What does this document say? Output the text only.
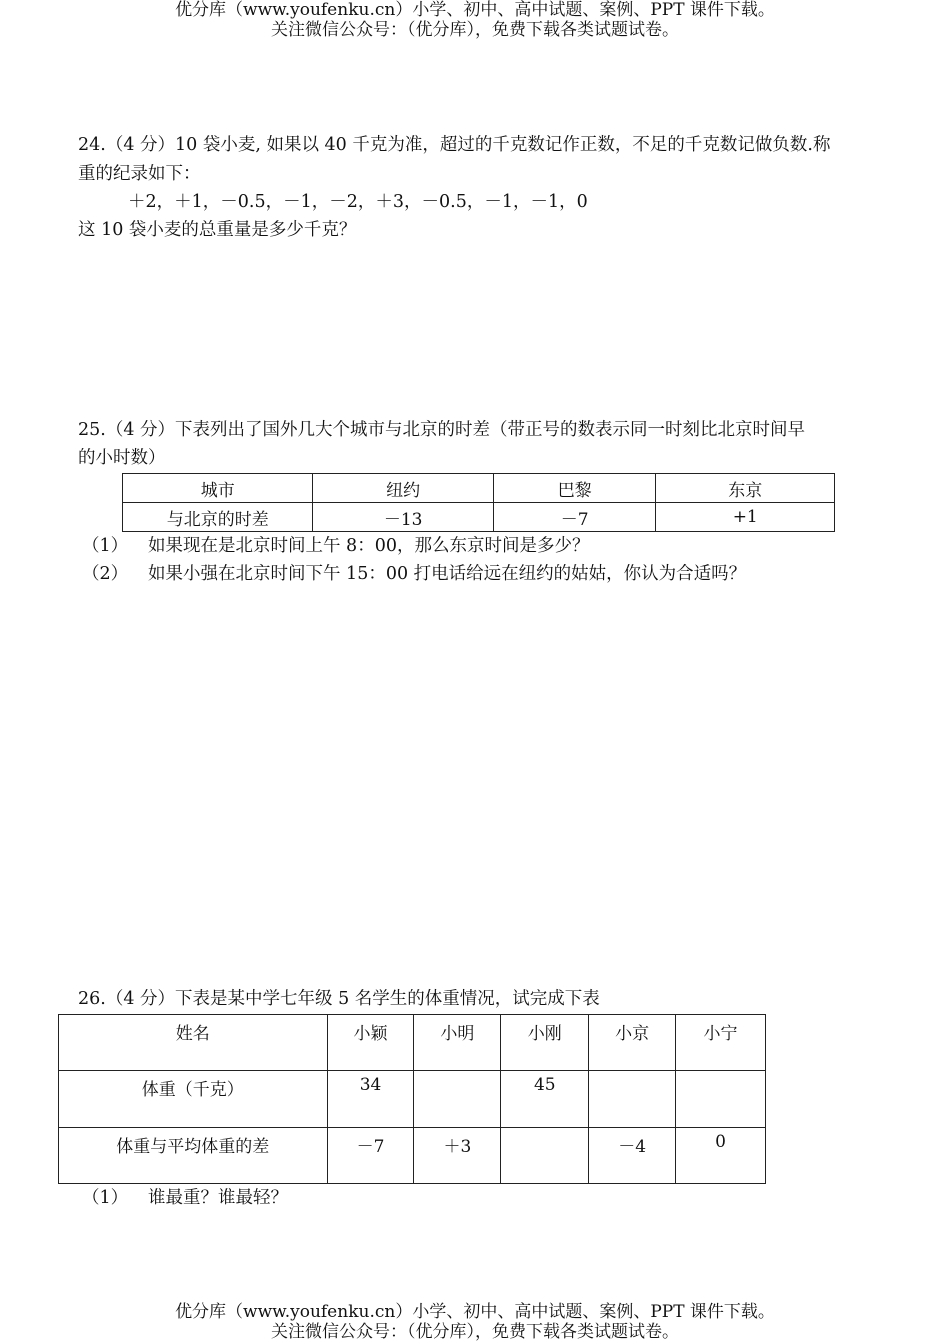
优分库（www.youfenku.cn）小学、初中、高中试题、案例、PPT 课件下载。
关注微信公众号：（优分库），免费下载各类试题试卷。
24.（4 分）10 袋小麦, 如果以 40 千克为准，超过的千克数记作正数，不足的千克数记做负数.称
重的纪录如下：
＋2，＋1，－0.5，－1，－2，＋3，－0.5，－1，－1，0
这 10 袋小麦的总重量是多少千克？
25.（4 分）下表列出了国外几大个城市与北京的时差（带正号的数表示同一时刻比北京时间早
的小时数）
城市	纽约	巴黎	东京
与北京的时差	－13	－7	+1
（1） 如果现在是北京时间上午 8：00，那么东京时间是多少？
（2） 如果小强在北京时间下午 15：00 打电话给远在纽约的姑姑，你认为合适吗？
26.（4 分）下表是某中学七年级 5 名学生的体重情况，试完成下表
姓名	小颖	小明	小刚	小京	小宁
体重（千克）	34		45		
体重与平均体重的差	－7	＋3		－4	0
（1） 谁最重？谁最轻？
优分库（www.youfenku.cn）小学、初中、高中试题、案例、PPT 课件下载。
关注微信公众号：（优分库），免费下载各类试题试卷。
